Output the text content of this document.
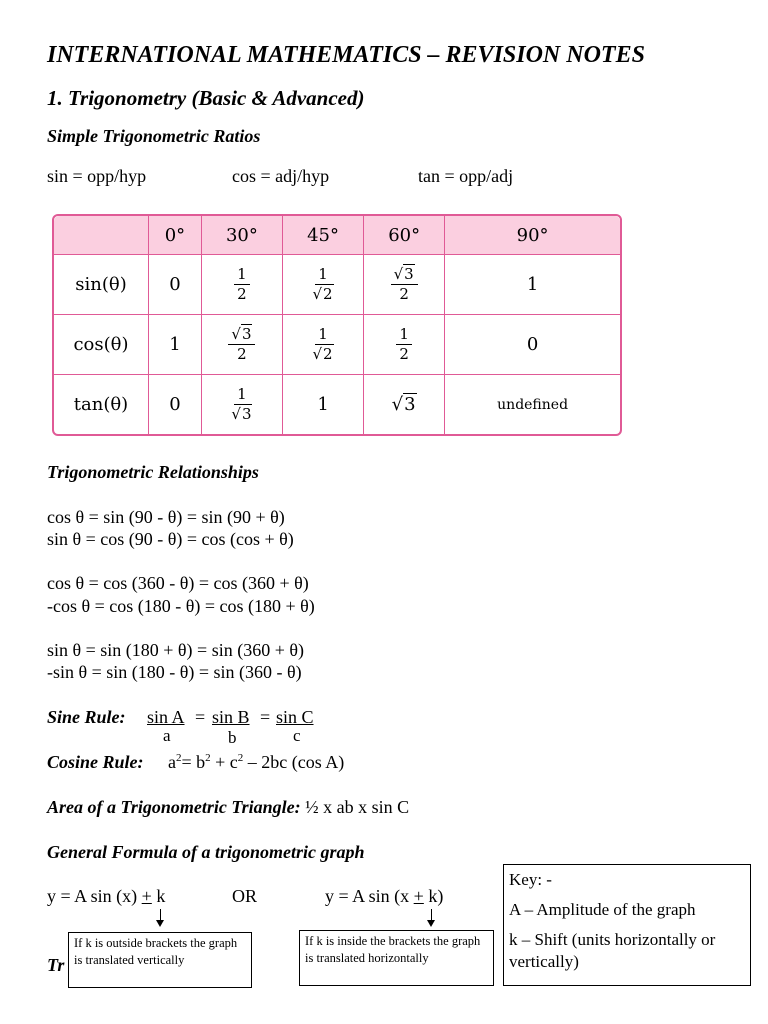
INTERNATIONAL MATHEMATICS – REVISION NOTES
1. Trigonometry (Basic & Advanced)
Simple Trigonometric Ratios
sin = opp/hyp	cos = adj/hyp	tan = opp/adj
	0°	30°	45°	60°	90°
sin(θ)	0	$\frac{1}{2}$	$\frac{1}{√2}$	$\frac{√3}{2}$	1
cos(θ)	1	$\frac{√3}{2}$	$\frac{1}{√2}$	$\frac{1}{2}$	0
tan(θ)	0	$\frac{1}{√3}$	1	√3	undefined
Trigonometric Relationships
cos θ = sin (90 - θ) = sin (90 + θ)
sin θ = cos (90 - θ) = cos (cos + θ)
cos θ = cos (360 - θ) = cos (360 + θ)
-cos θ = cos (180 - θ) = cos (180 + θ)
sin θ = sin (180 + θ) = sin (360 + θ)
-sin θ = sin (180 - θ) = sin (360 - θ)
Sine Rule: sin A = sin B = sin C
a	b	c
Cosine Rule: $a^2= b^2 + c^2 - 2bc$ (cos A)
Area of a Trigonometric Triangle: ½ x ab x sin C
General Formula of a trigonometric graph
y = A sin (x) + k	OR	y = A sin (x + k)
Tr
If k is outside brackets the graph is translated vertically
If k is inside the brackets the graph is translated horizontally
Key: -
A – Amplitude of the graph
k – Shift (units horizontally or vertically)
